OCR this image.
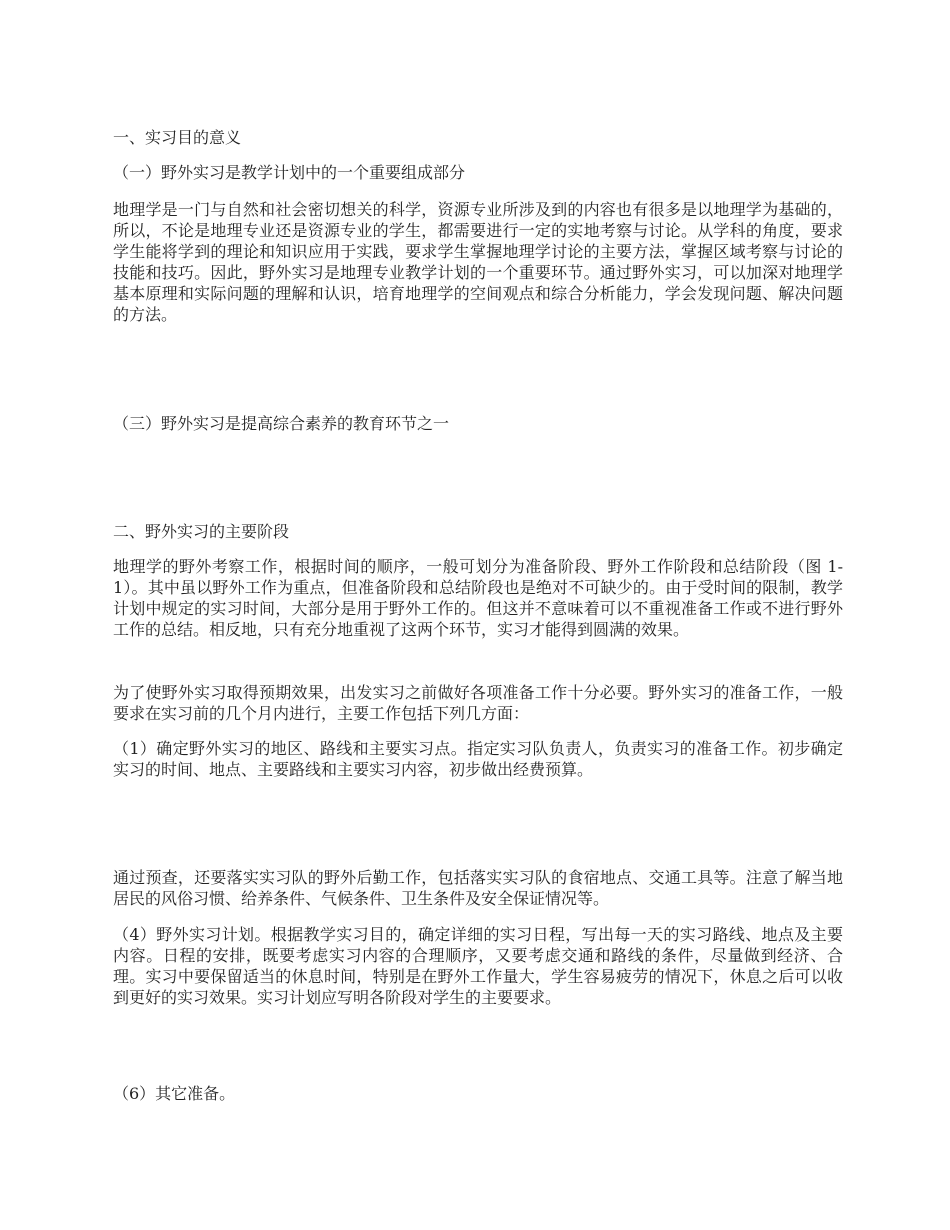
一、实习目的意义

（一）野外实习是教学计划中的一个重要组成部分

地理学是一门与自然和社会密切想关的科学，资源专业所涉及到的内容也有很多是以地理学为基础的，所以，不论是地理专业还是资源专业的学生，都需要进行一定的实地考察与讨论。从学科的角度，要求学生能将学到的理论和知识应用于实践，要求学生掌握地理学讨论的主要方法，掌握区域考察与讨论的技能和技巧。因此，野外实习是地理专业教学计划的一个重要环节。通过野外实习，可以加深对地理学基本原理和实际问题的理解和认识，培育地理学的空间观点和综合分析能力，学会发现问题、解决问题的方法。

（三）野外实习是提高综合素养的教育环节之一

二、野外实习的主要阶段

地理学的野外考察工作，根据时间的顺序，一般可划分为准备阶段、野外工作阶段和总结阶段（图 1-1）。其中虽以野外工作为重点，但准备阶段和总结阶段也是绝对不可缺少的。由于受时间的限制，教学计划中规定的实习时间，大部分是用于野外工作的。但这并不意味着可以不重视准备工作或不进行野外工作的总结。相反地，只有充分地重视了这两个环节，实习才能得到圆满的效果。

为了使野外实习取得预期效果，出发实习之前做好各项准备工作十分必要。野外实习的准备工作，一般要求在实习前的几个月内进行，主要工作包括下列几方面：

（1）确定野外实习的地区、路线和主要实习点。指定实习队负责人，负责实习的准备工作。初步确定实习的时间、地点、主要路线和主要实习内容，初步做出经费预算。

通过预查，还要落实实习队的野外后勤工作，包括落实实习队的食宿地点、交通工具等。注意了解当地居民的风俗习惯、给养条件、气候条件、卫生条件及安全保证情况等。

（4）野外实习计划。根据教学实习目的，确定详细的实习日程，写出每一天的实习路线、地点及主要内容。日程的安排，既要考虑实习内容的合理顺序，又要考虑交通和路线的条件，尽量做到经济、合理。实习中要保留适当的休息时间，特别是在野外工作量大，学生容易疲劳的情况下，休息之后可以收到更好的实习效果。实习计划应写明各阶段对学生的主要要求。

（6）其它准备。
